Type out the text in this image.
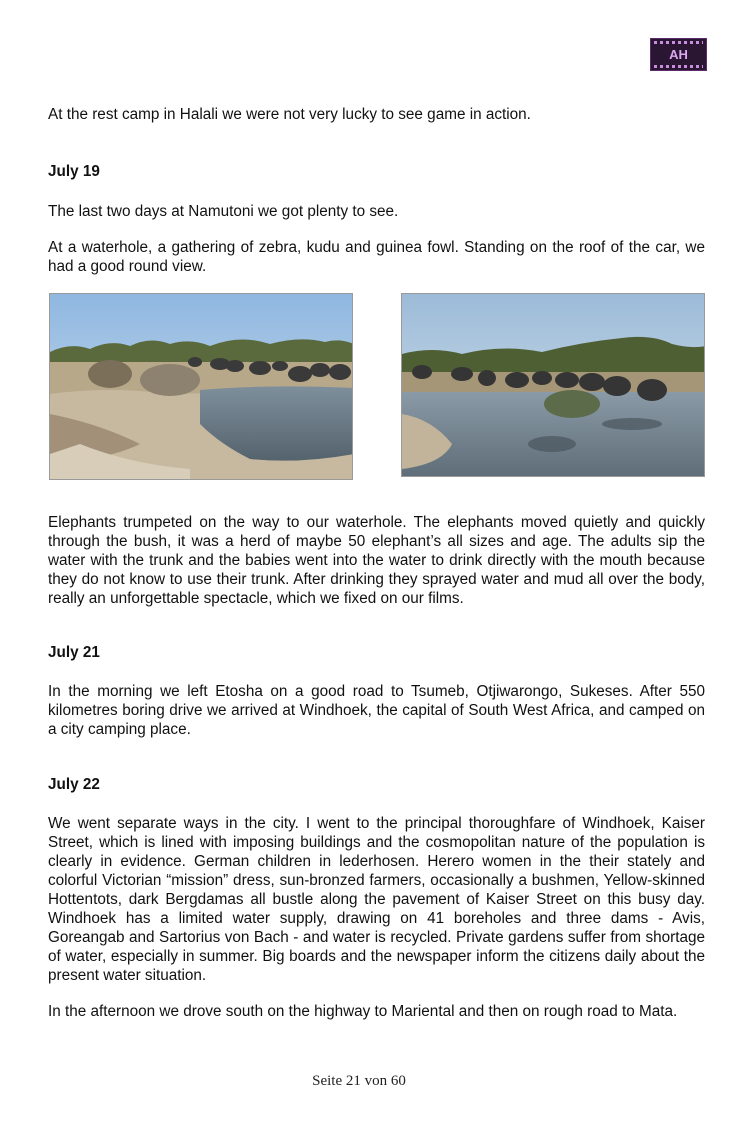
AH

At the rest camp in Halali we were not very lucky to see game in action.

July 19

The last two days at Namutoni we got plenty to see.

At a waterhole, a gathering of zebra, kudu and guinea fowl. Standing on the roof of the car, we had a good round view.

Elephants trumpeted on the way to our waterhole. The elephants moved quietly and quickly through the bush, it was a herd of maybe 50 elephant’s all sizes and age. The adults sip the water with the trunk and the babies went into the water to drink directly with the mouth because they do not know to use their trunk. After drinking they sprayed water and mud all over the body, really an unforgettable spectacle, which we fixed on our films.

July 21

In the morning we left Etosha on a good road to Tsumeb, Otjiwarongo, Sukeses. After 550 kilometres boring drive we arrived at Windhoek, the capital of South West Africa, and camped on a city camping place.

July 22

We went separate ways in the city. I went to the principal thoroughfare of Windhoek, Kaiser Street, which is lined with imposing buildings and the cosmopolitan nature of the population is clearly in evidence. German children in lederhosen. Herero women in the their stately and colorful Victorian “mission” dress, sun-bronzed farmers, occasionally a bushmen, Yellow-skinned Hottentots, dark Bergdamas all bustle along the pavement of Kaiser Street on this busy day. Windhoek has a limited water supply, drawing on 41 boreholes and three dams - Avis, Goreangab and Sartorius von Bach - and water is recycled. Private gardens suffer from shortage of water, especially in summer. Big boards and the newspaper inform the citizens daily about the present water situation.

In the afternoon we drove south on the highway to Mariental and then on rough road to Mata.

Seite 21 von 60
